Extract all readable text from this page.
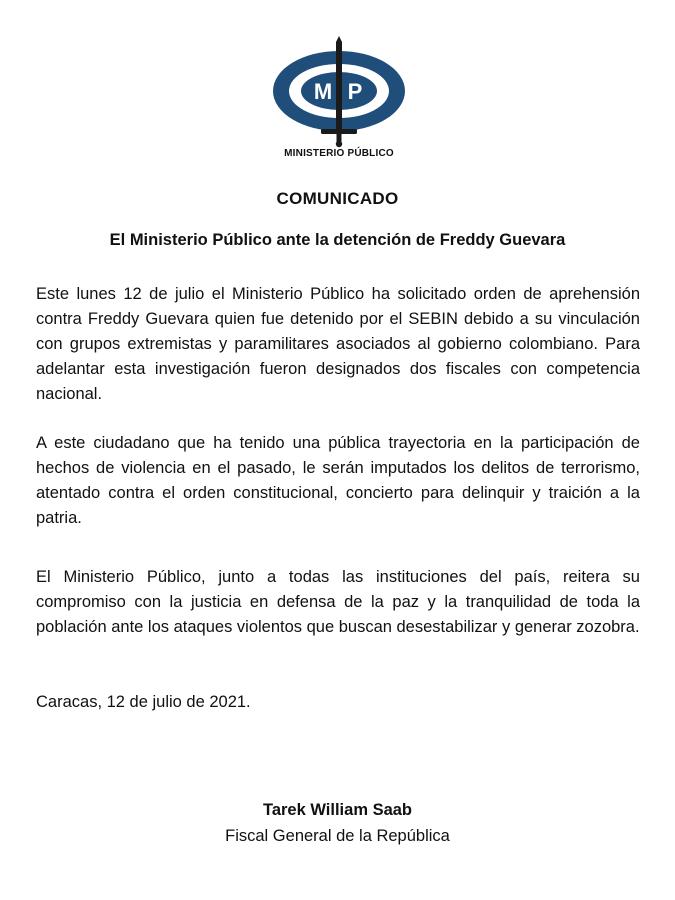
M P
MINISTERIO PÚBLICO
COMUNICADO
El Ministerio Público ante la detención de Freddy Guevara

Este lunes 12 de julio el Ministerio Público ha solicitado orden de aprehensión contra Freddy Guevara quien fue detenido por el SEBIN debido a su vinculación con grupos extremistas y paramilitares asociados al gobierno colombiano. Para adelantar esta investigación fueron designados dos fiscales con competencia nacional.

A este ciudadano que ha tenido una pública trayectoria en la participación de hechos de violencia en el pasado, le serán imputados los delitos de terrorismo, atentado contra el orden constitucional, concierto para delinquir y traición a la patria.

El Ministerio Público, junto a todas las instituciones del país, reitera su compromiso con la justicia en defensa de la paz y la tranquilidad de toda la población ante los ataques violentos que buscan desestabilizar y generar zozobra.

Caracas, 12 de julio de 2021.

Tarek William Saab
Fiscal General de la República
